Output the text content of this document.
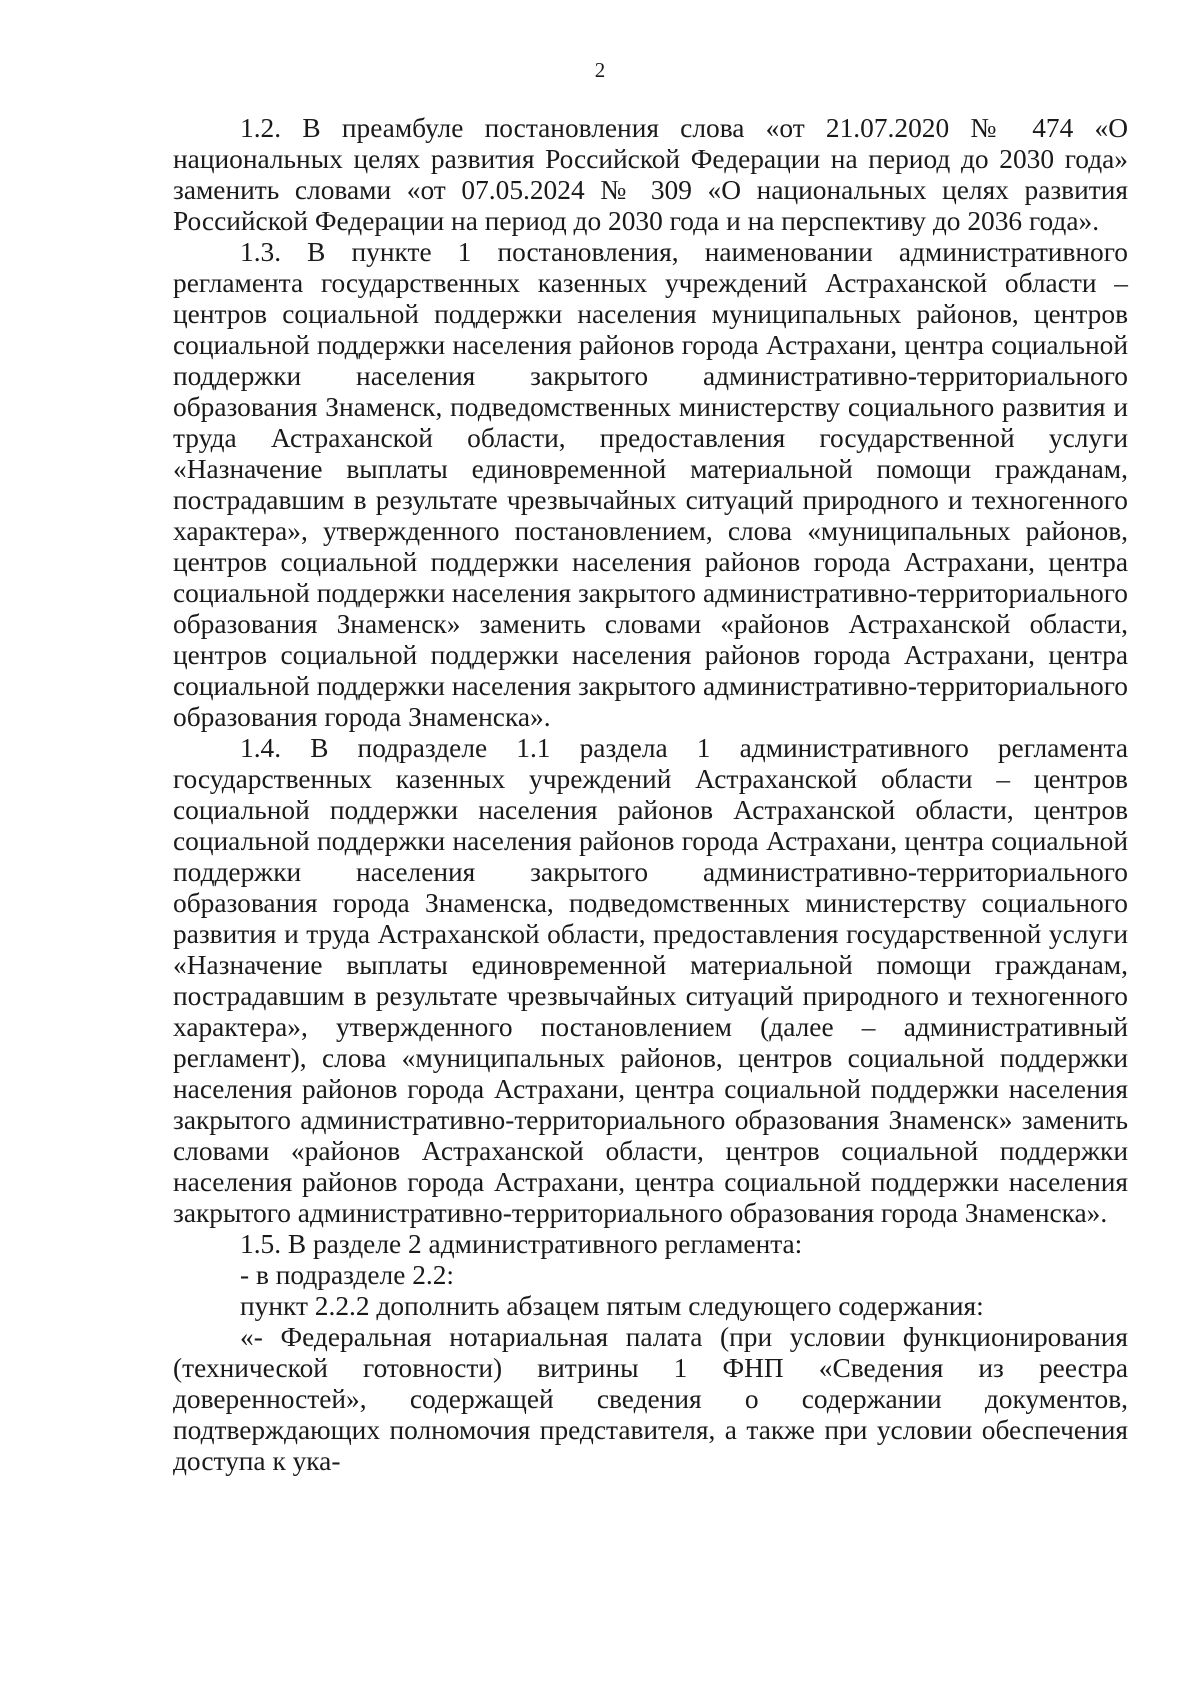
2

1.2. В преамбуле постановления слова «от 21.07.2020 № 474 «О национальных целях развития Российской Федерации на период до 2030 года» заменить словами «от 07.05.2024 № 309 «О национальных целях развития Российской Федерации на период до 2030 года и на перспективу до 2036 года».

1.3. В пункте 1 постановления, наименовании административного регламента государственных казенных учреждений Астраханской области – центров социальной поддержки населения муниципальных районов, центров социальной поддержки населения районов города Астрахани, центра социальной поддержки населения закрытого административно-территориального образования Знаменск, подведомственных министерству социального развития и труда Астраханской области, предоставления государственной услуги «Назначение выплаты единовременной материальной помощи гражданам, пострадавшим в результате чрезвычайных ситуаций природного и техногенного характера», утвержденного постановлением, слова «муниципальных районов, центров социальной поддержки населения районов города Астрахани, центра социальной поддержки населения закрытого административно-территориального образования Знаменск» заменить словами «районов Астраханской области, центров социальной поддержки населения районов города Астрахани, центра социальной поддержки населения закрытого административно-территориального образования города Знаменска».

1.4. В подразделе 1.1 раздела 1 административного регламента государственных казенных учреждений Астраханской области – центров социальной поддержки населения районов Астраханской области, центров социальной поддержки населения районов города Астрахани, центра социальной поддержки населения закрытого административно-территориального образования города Знаменска, подведомственных министерству социального развития и труда Астраханской области, предоставления государственной услуги «Назначение выплаты единовременной материальной помощи гражданам, пострадавшим в результате чрезвычайных ситуаций природного и техногенного характера», утвержденного постановлением (далее – административный регламент), слова «муниципальных районов, центров социальной поддержки населения районов города Астрахани, центра социальной поддержки населения закрытого административно-территориального образования Знаменск» заменить словами «районов Астраханской области, центров социальной поддержки населения районов города Астрахани, центра социальной поддержки населения закрытого административно-территориального образования города Знаменска».

1.5. В разделе 2 административного регламента:

- в подразделе 2.2:

пункт 2.2.2 дополнить абзацем пятым следующего содержания:

«- Федеральная нотариальная палата (при условии функционирования (технической готовности) витрины 1 ФНП «Сведения из реестра доверенностей», содержащей сведения о содержании документов, подтверждающих полномочия представителя, а также при условии обеспечения доступа к ука-
